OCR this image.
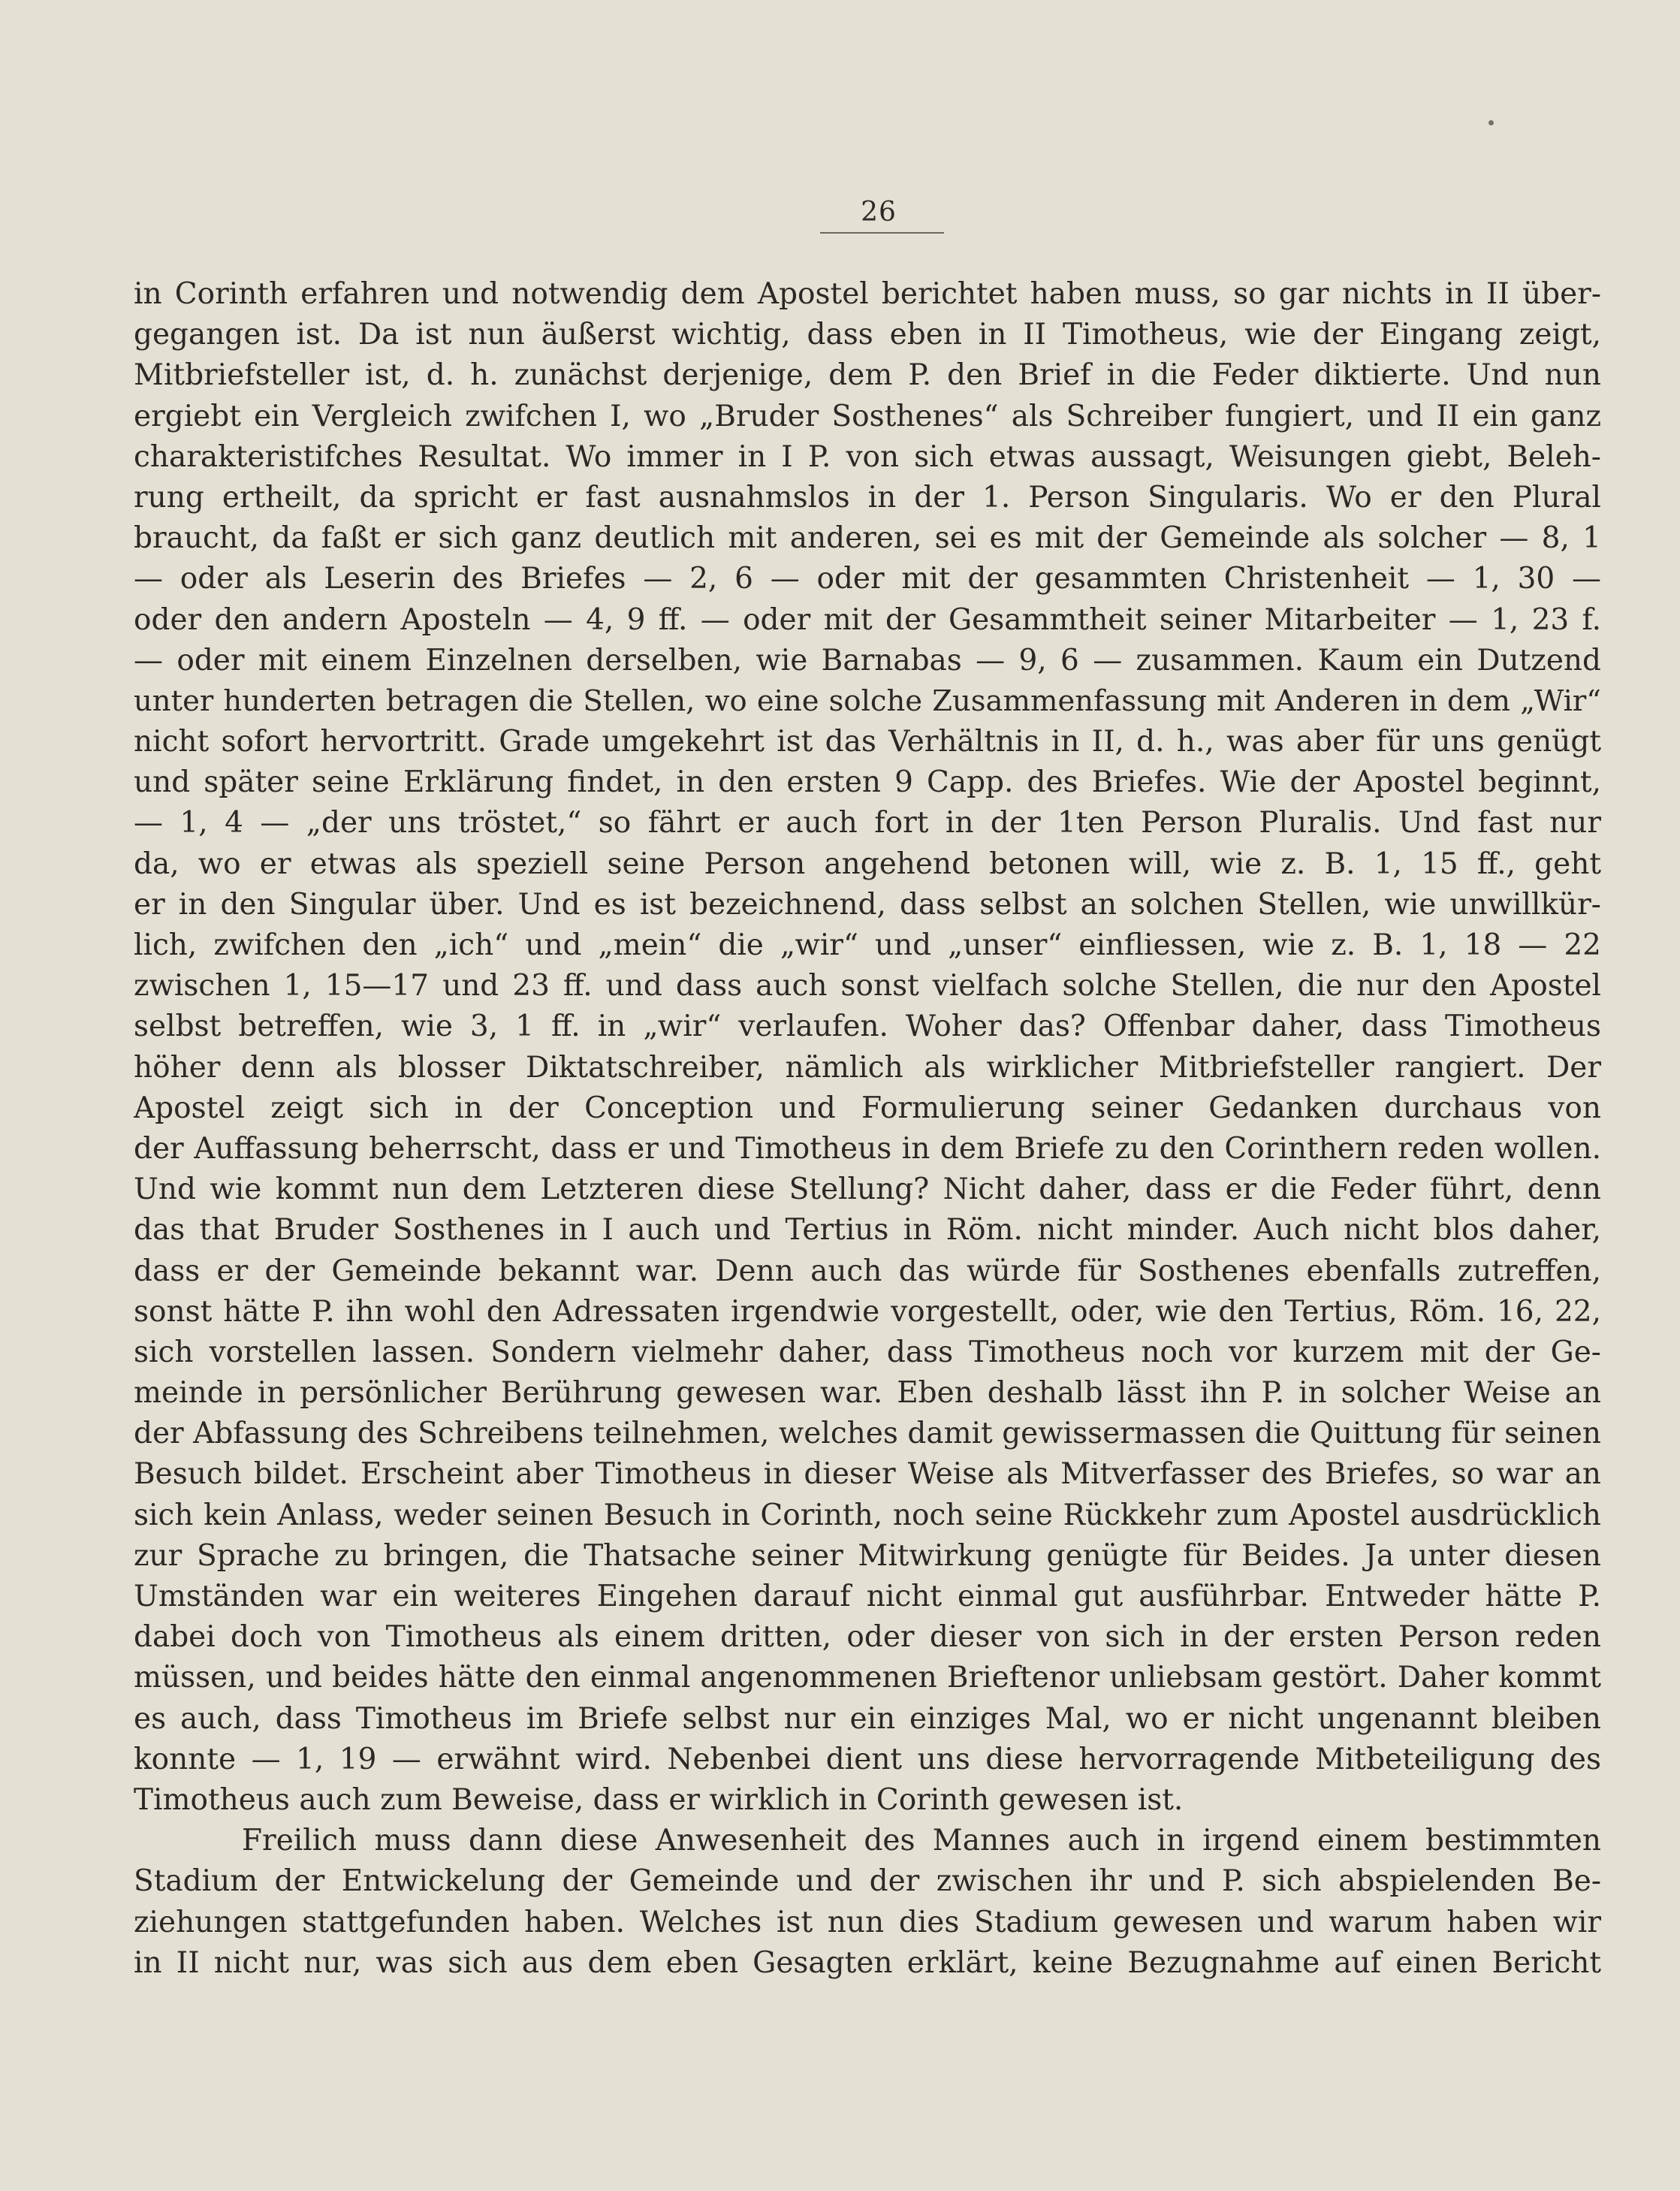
26
in Corinth erfahren und notwendig dem Apostel berichtet haben muss, so gar nichts in II über-
gegangen ist. Da ist nun äußerst wichtig, dass eben in II Timotheus, wie der Eingang zeigt,
Mitbriefsteller ist, d. h. zunächst derjenige, dem P. den Brief in die Feder diktierte. Und nun
ergiebt ein Vergleich zwifchen I, wo „Bruder Sosthenes“ als Schreiber fungiert, und II ein ganz
charakteristifches Resultat. Wo immer in I P. von sich etwas aussagt, Weisungen giebt, Beleh-
rung ertheilt, da spricht er fast ausnahmslos in der 1. Person Singularis. Wo er den Plural
braucht, da faßt er sich ganz deutlich mit anderen, sei es mit der Gemeinde als solcher — 8, 1
— oder als Leserin des Briefes — 2, 6 — oder mit der gesammten Christenheit — 1, 30 —
oder den andern Aposteln — 4, 9 ff. — oder mit der Gesammtheit seiner Mitarbeiter — 1, 23 f.
— oder mit einem Einzelnen derselben, wie Barnabas — 9, 6 — zusammen. Kaum ein Dutzend
unter hunderten betragen die Stellen, wo eine solche Zusammenfassung mit Anderen in dem „Wir“
nicht sofort hervortritt. Grade umgekehrt ist das Verhältnis in II, d. h., was aber für uns genügt
und später seine Erklärung findet, in den ersten 9 Capp. des Briefes. Wie der Apostel beginnt,
— 1, 4 — „der uns tröstet,“ so fährt er auch fort in der 1ten Person Pluralis. Und fast nur
da, wo er etwas als speziell seine Person angehend betonen will, wie z. B. 1, 15 ff., geht
er in den Singular über. Und es ist bezeichnend, dass selbst an solchen Stellen, wie unwillkür-
lich, zwifchen den „ich“ und „mein“ die „wir“ und „unser“ einfliessen, wie z. B. 1, 18 — 22
zwischen 1, 15—17 und 23 ff. und dass auch sonst vielfach solche Stellen, die nur den Apostel
selbst betreffen, wie 3, 1 ff. in „wir“ verlaufen. Woher das? Offenbar daher, dass Timotheus
höher denn als blosser Diktatschreiber, nämlich als wirklicher Mitbriefsteller rangiert. Der
Apostel zeigt sich in der Conception und Formulierung seiner Gedanken durchaus von
der Auffassung beherrscht, dass er und Timotheus in dem Briefe zu den Corinthern reden wollen.
Und wie kommt nun dem Letzteren diese Stellung? Nicht daher, dass er die Feder führt, denn
das that Bruder Sosthenes in I auch und Tertius in Röm. nicht minder. Auch nicht blos daher,
dass er der Gemeinde bekannt war. Denn auch das würde für Sosthenes ebenfalls zutreffen,
sonst hätte P. ihn wohl den Adressaten irgendwie vorgestellt, oder, wie den Tertius, Röm. 16, 22,
sich vorstellen lassen. Sondern vielmehr daher, dass Timotheus noch vor kurzem mit der Ge-
meinde in persönlicher Berührung gewesen war. Eben deshalb lässt ihn P. in solcher Weise an
der Abfassung des Schreibens teilnehmen, welches damit gewissermassen die Quittung für seinen
Besuch bildet. Erscheint aber Timotheus in dieser Weise als Mitverfasser des Briefes, so war an
sich kein Anlass, weder seinen Besuch in Corinth, noch seine Rückkehr zum Apostel ausdrücklich
zur Sprache zu bringen, die Thatsache seiner Mitwirkung genügte für Beides. Ja unter diesen
Umständen war ein weiteres Eingehen darauf nicht einmal gut ausführbar. Entweder hätte P.
dabei doch von Timotheus als einem dritten, oder dieser von sich in der ersten Person reden
müssen, und beides hätte den einmal angenommenen Brieftenor unliebsam gestört. Daher kommt
es auch, dass Timotheus im Briefe selbst nur ein einziges Mal, wo er nicht ungenannt bleiben
konnte — 1, 19 — erwähnt wird. Nebenbei dient uns diese hervorragende Mitbeteiligung des
Timotheus auch zum Beweise, dass er wirklich in Corinth gewesen ist.
Freilich muss dann diese Anwesenheit des Mannes auch in irgend einem bestimmten
Stadium der Entwickelung der Gemeinde und der zwischen ihr und P. sich abspielenden Be-
ziehungen stattgefunden haben. Welches ist nun dies Stadium gewesen und warum haben wir
in II nicht nur, was sich aus dem eben Gesagten erklärt, keine Bezugnahme auf einen Bericht
